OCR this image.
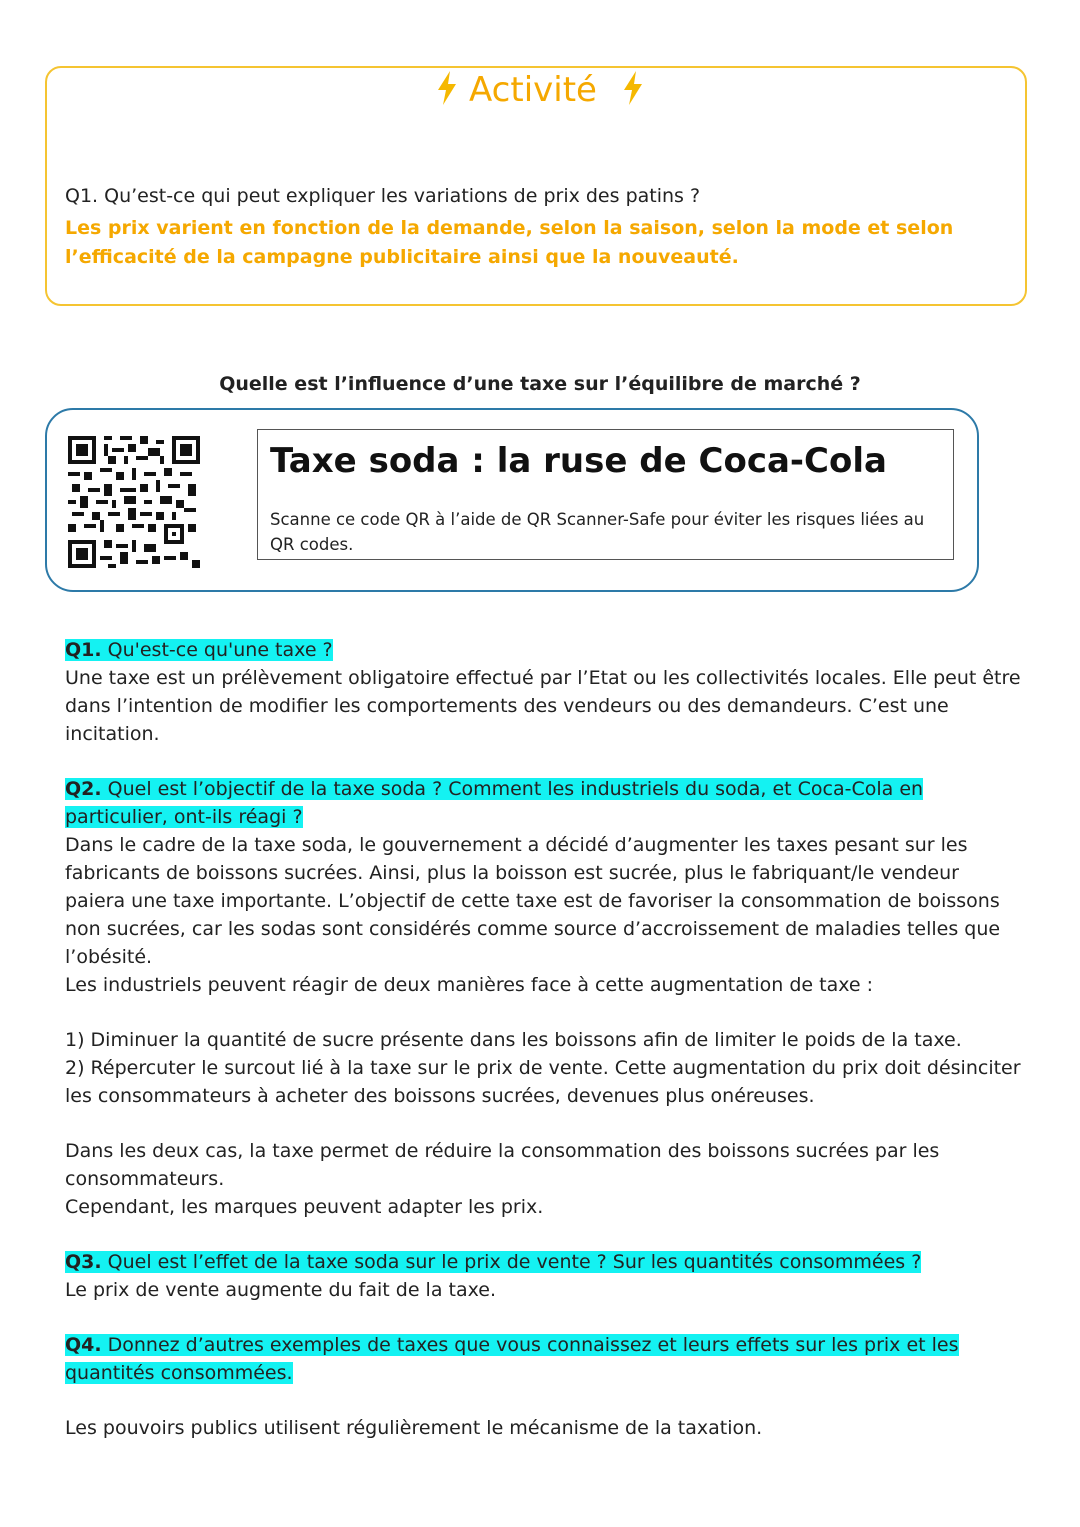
Activité
Q1. Qu’est-ce qui peut expliquer les variations de prix des patins ?
Les prix varient en fonction de la demande, selon la saison, selon la mode et selon l’efficacité de la campagne publicitaire ainsi que la nouveauté.
Quelle est l’influence d’une taxe sur l’équilibre de marché ?
Taxe soda : la ruse de Coca-Cola
Scanne ce code QR à l’aide de QR Scanner-Safe pour éviter les risques liées au QR codes.

Q1. Qu'est-ce qu'une taxe ?

Une taxe est un prélèvement obligatoire effectué par l’Etat ou les collectivités locales. Elle peut être dans l’intention de modifier les comportements des vendeurs ou des demandeurs. C’est une incitation.

Q2. Quel est l’objectif de la taxe soda ? Comment les industriels du soda, et Coca-Cola en particulier, ont-ils réagi ?

Dans le cadre de la taxe soda, le gouvernement a décidé d’augmenter les taxes pesant sur les fabricants de boissons sucrées. Ainsi, plus la boisson est sucrée, plus le fabriquant/le vendeur paiera une taxe importante. L’objectif de cette taxe est de favoriser la consommation de boissons non sucrées, car les sodas sont considérés comme source d’accroissement de maladies telles que l’obésité.

Les industriels peuvent réagir de deux manières face à cette augmentation de taxe :

1) Diminuer la quantité de sucre présente dans les boissons afin de limiter le poids de la taxe.

2) Répercuter le surcout lié à la taxe sur le prix de vente. Cette augmentation du prix doit désinciter les consommateurs à acheter des boissons sucrées, devenues plus onéreuses.

Dans les deux cas, la taxe permet de réduire la consommation des boissons sucrées par les consommateurs.

Cependant, les marques peuvent adapter les prix.

Q3. Quel est l’effet de la taxe soda sur le prix de vente ? Sur les quantités consommées ?

Le prix de vente augmente du fait de la taxe.

Q4. Donnez d’autres exemples de taxes que vous connaissez et leurs effets sur les prix et les quantités consommées.

Les pouvoirs publics utilisent régulièrement le mécanisme de la taxation.
